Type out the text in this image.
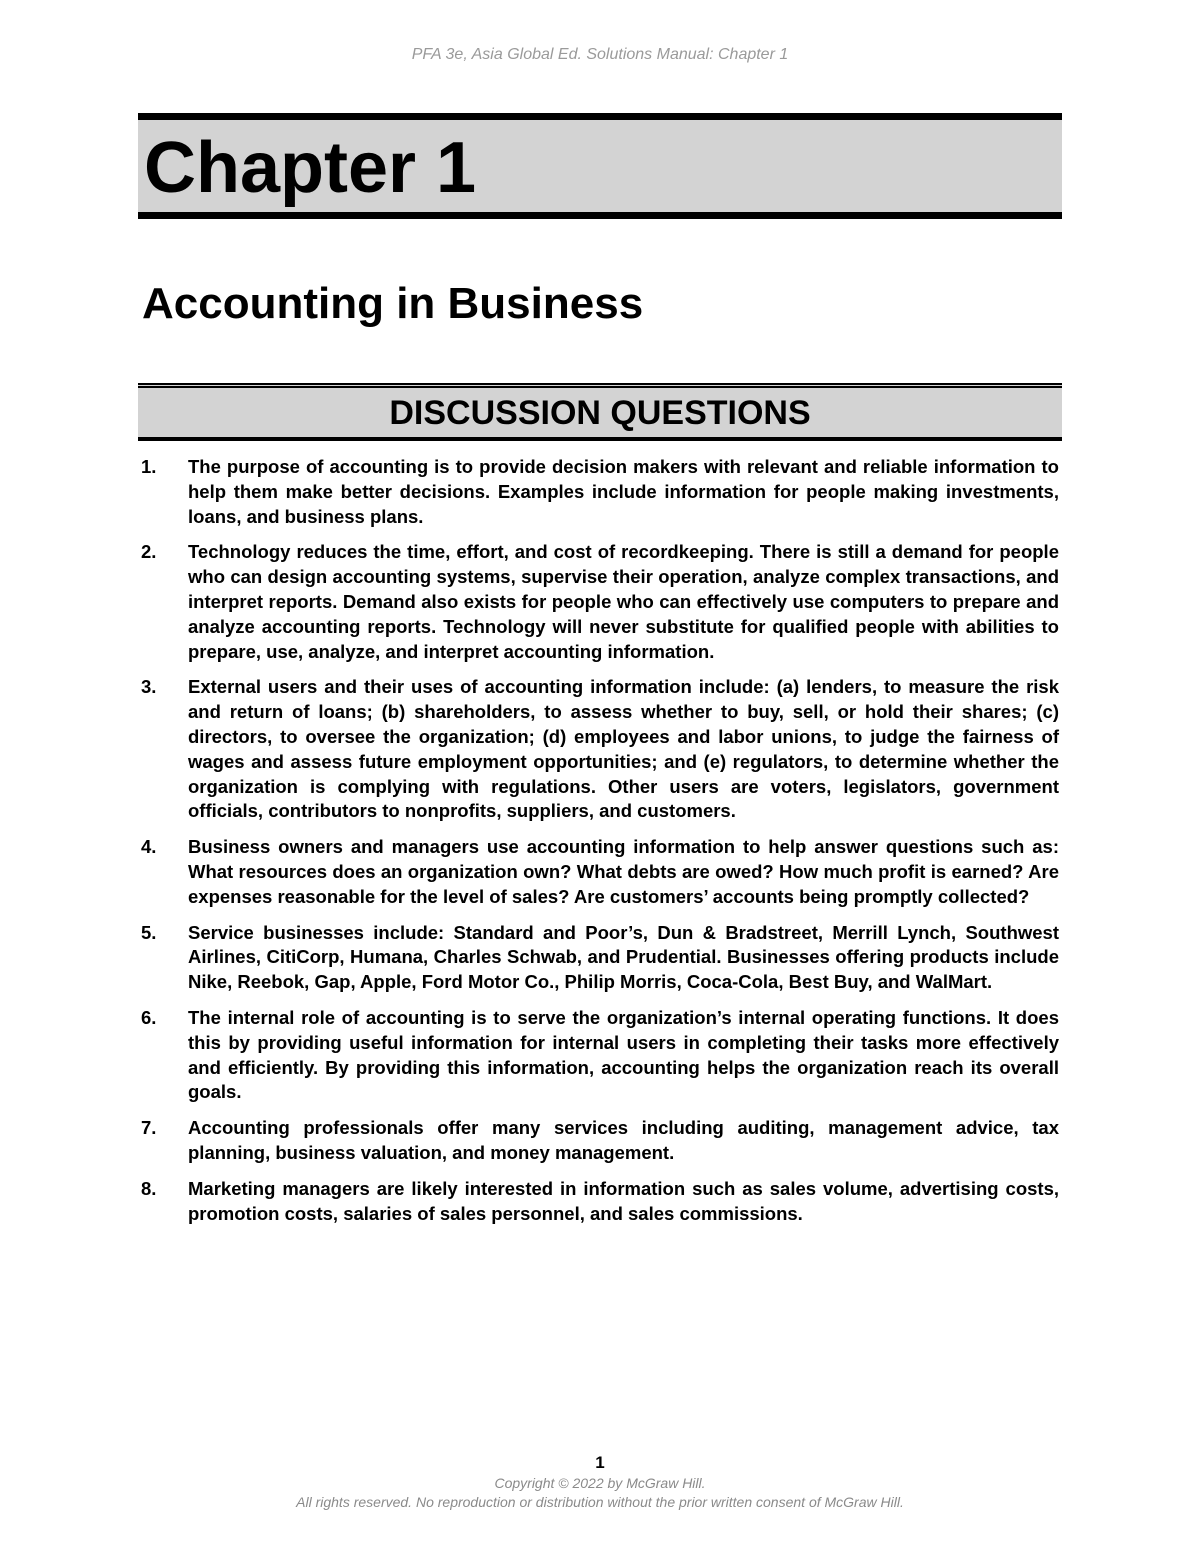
PFA 3e, Asia Global Ed. Solutions Manual: Chapter 1
Chapter 1
Accounting in Business
DISCUSSION QUESTIONS
1.	The purpose of accounting is to provide decision makers with relevant and reliable information to help them make better decisions. Examples include information for people making investments, loans, and business plans.
2.	Technology reduces the time, effort, and cost of recordkeeping. There is still a demand for people who can design accounting systems, supervise their operation, analyze complex transactions, and interpret reports. Demand also exists for people who can effectively use computers to prepare and analyze accounting reports. Technology will never substitute for qualified people with abilities to prepare, use, analyze, and interpret accounting information.
3.	External users and their uses of accounting information include: (a) lenders, to measure the risk and return of loans; (b) shareholders, to assess whether to buy, sell, or hold their shares; (c) directors, to oversee the organization; (d) employees and labor unions, to judge the fairness of wages and assess future employment opportunities; and (e) regulators, to determine whether the organization is complying with regulations. Other users are voters, legislators, government officials, contributors to nonprofits, suppliers, and customers.
4.	Business owners and managers use accounting information to help answer questions such as: What resources does an organization own? What debts are owed? How much profit is earned? Are expenses reasonable for the level of sales? Are customers’ accounts being promptly collected?
5.	Service businesses include: Standard and Poor’s, Dun & Bradstreet, Merrill Lynch, Southwest Airlines, CitiCorp, Humana, Charles Schwab, and Prudential. Businesses offering products include Nike, Reebok, Gap, Apple, Ford Motor Co., Philip Morris, Coca-Cola, Best Buy, and WalMart.
6.	The internal role of accounting is to serve the organization’s internal operating functions. It does this by providing useful information for internal users in completing their tasks more effectively and efficiently. By providing this information, accounting helps the organization reach its overall goals.
7.	Accounting professionals offer many services including auditing, management advice, tax planning, business valuation, and money management.
8.	Marketing managers are likely interested in information such as sales volume, advertising costs, promotion costs, salaries of sales personnel, and sales commissions.
1
Copyright © 2022 by McGraw Hill.
All rights reserved. No reproduction or distribution without the prior written consent of McGraw Hill.
